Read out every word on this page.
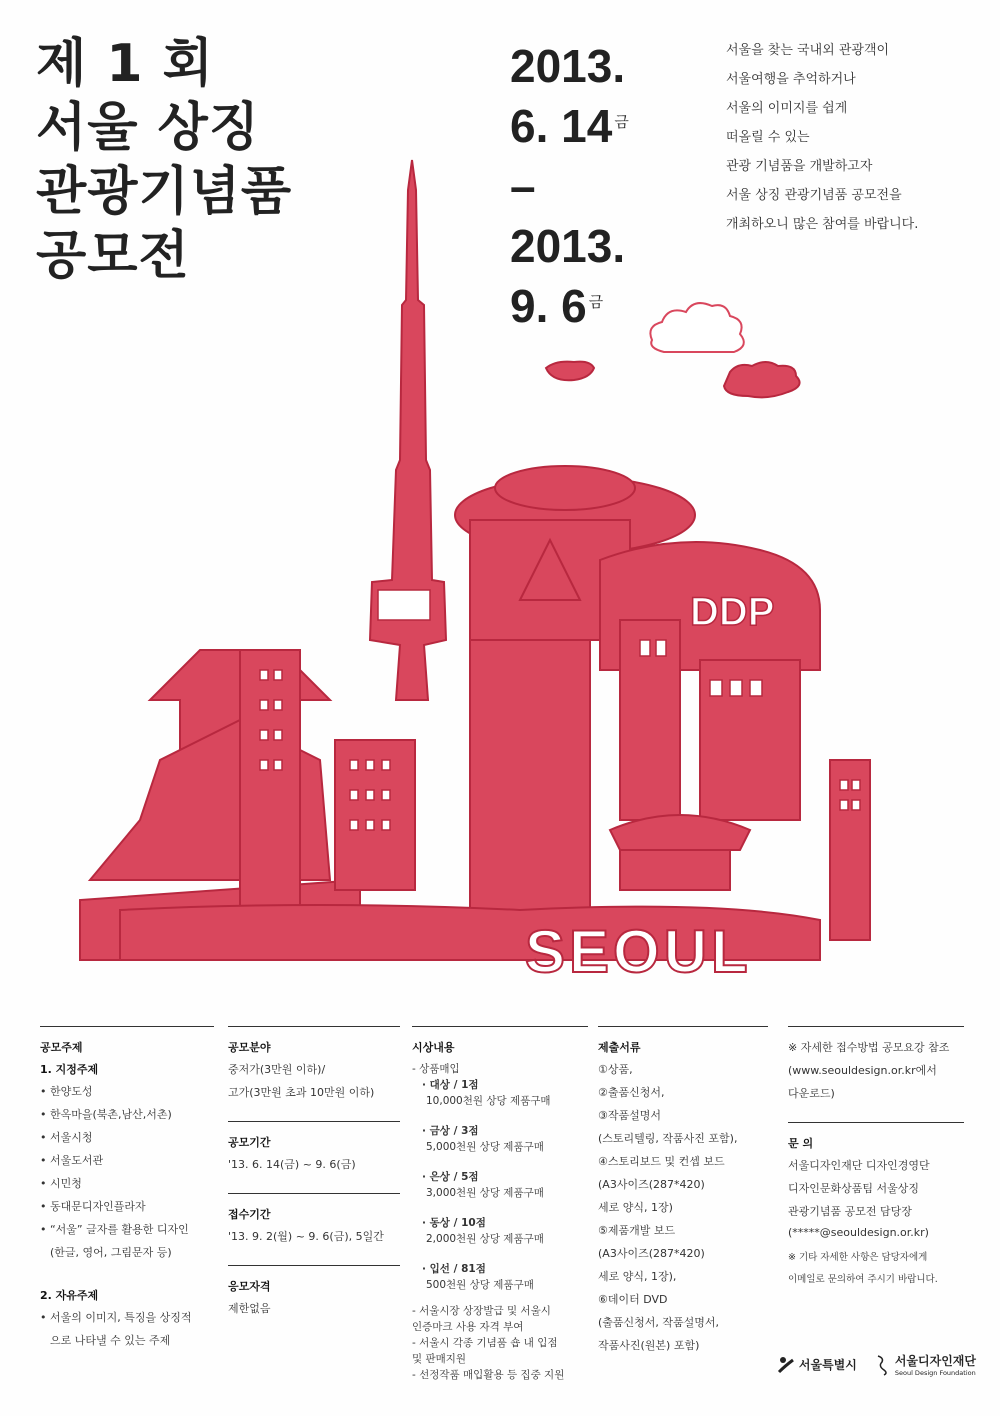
제 1 회
서울 상징
관광기념품
공모전
2013.
6. 14 $^금$
–
2013.
9. 6 $^금$
서울을 찾는 국내외 관광객이
서울여행을 추억하거나
서울의 이미지를 쉽게
떠올릴 수 있는
관광 기념품을 개발하고자
서울 상징 관광기념품 공모전을
개최하오니 많은 참여를 바랍니다.
DDP
SEOUL
공모주제
1. 지정주제
• 한양도성
• 한옥마을(북촌,남산,서촌)
• 서울시청
• 서울도서관
• 시민청
• 동대문디자인플라자
• “서울” 글자를 활용한 디자인
(한글, 영어, 그림문자 등)
2. 자유주제
• 서울의 이미지, 특징을 상징적
으로 나타낼 수 있는 주제
공모분야
중저가(3만원 이하)/
고가(3만원 초과 10만원 이하)
공모기간
'13. 6. 14(금) ~ 9. 6(금)
접수기간
'13. 9. 2(월) ~ 9. 6(금), 5일간
응모자격
제한없음
시상내용
- 상품매입
· 대상 / 1점
10,000천원 상당 제품구매
· 금상 / 3점
5,000천원 상당 제품구매
· 은상 / 5점
3,000천원 상당 제품구매
· 동상 / 10점
2,000천원 상당 제품구매
· 입선 / 81점
500천원 상당 제품구매
- 서울시장 상장발급 및 서울시
인증마크 사용 자격 부여
- 서울시 각종 기념품 숍 내 입점
및 판매지원
- 선정작품 매입활용 등 집중 지원
제출서류
①상품,
②출품신청서,
③작품설명서
(스토리텔링, 작품사진 포함),
④스토리보드 및 컨셉 보드
(A3사이즈(287*420)
세로 양식, 1장)
⑤제품개발 보드
(A3사이즈(287*420)
세로 양식, 1장),
⑥데이터 DVD
(출품신청서, 작품설명서,
작품사진(원본) 포함)
※ 자세한 접수방법 공모요강 참조
(www.seouldesign.or.kr에서
다운로드)
문 의
서울디자인재단 디자인경영단
디자인문화상품팀 서울상징
관광기념품 공모전 담당장
(*****@seouldesign.or.kr)
※ 기타 자세한 사항은 담당자에게
이메일로 문의하여 주시기 바랍니다.
서울특별시	서울디자인재단
Seoul Design Foundation
